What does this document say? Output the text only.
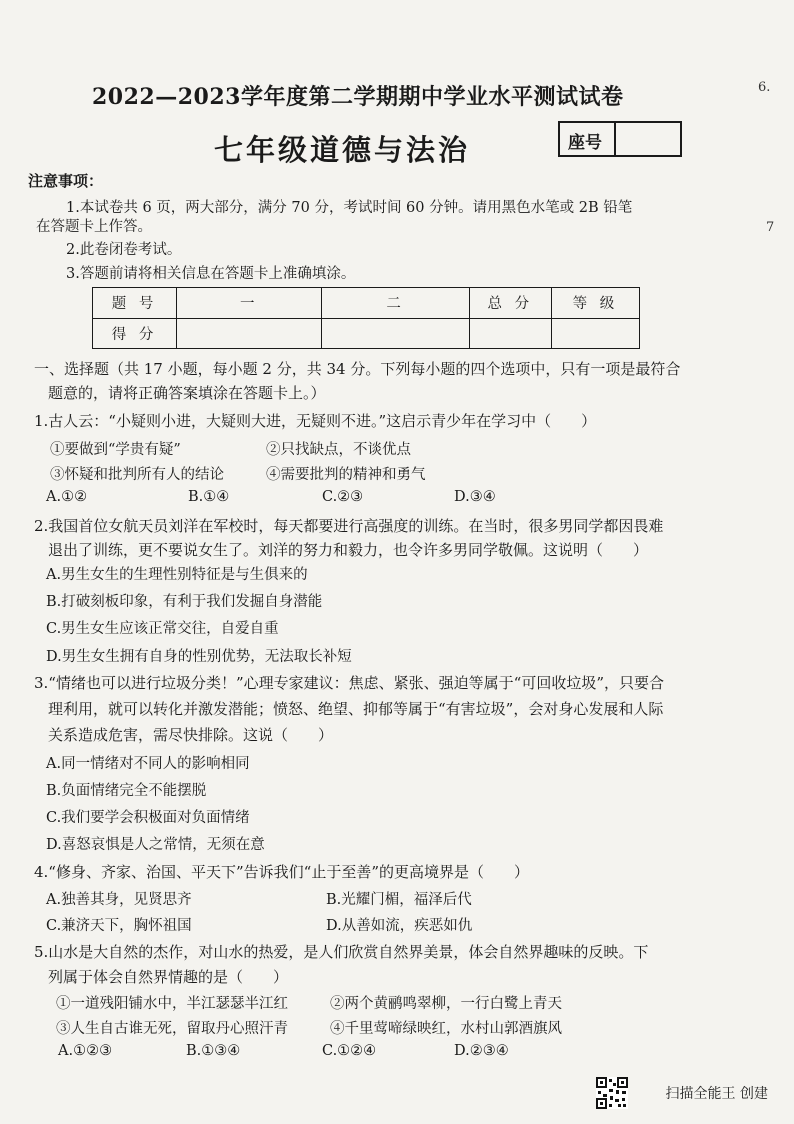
2022—2023学年度第二学期期中学业水平测试试卷
七年级道德与法治	座号
6.
7
注意事项：
1.本试卷共 6 页，两大部分，满分 70 分，考试时间 60 分钟。请用黑色水笔或 2B 铅笔
在答题卡上作答。
2.此卷闭卷考试。
3.答题前请将相关信息在答题卡上准确填涂。
题 号	一	二	总 分	等 级
得 分				
一、选择题（共 17 小题，每小题 2 分，共 34 分。下列每小题的四个选项中，只有一项是最符合
题意的，请将正确答案填涂在答题卡上。）
1.古人云：“小疑则小进，大疑则大进，无疑则不进。”这启示青少年在学习中（　　）
①要做到“学贵有疑”	②只找缺点，不谈优点
③怀疑和批判所有人的结论	④需要批判的精神和勇气
A.①②	B.①④	C.②③	D.③④
2.我国首位女航天员刘洋在军校时，每天都要进行高强度的训练。在当时，很多男同学都因畏难
退出了训练，更不要说女生了。刘洋的努力和毅力，也令许多男同学敬佩。这说明（　　）
A.男生女生的生理性别特征是与生俱来的
B.打破刻板印象，有利于我们发掘自身潜能
C.男生女生应该正常交往，自爱自重
D.男生女生拥有自身的性别优势，无法取长补短
3.“情绪也可以进行垃圾分类！”心理专家建议：焦虑、紧张、强迫等属于“可回收垃圾”，只要合
理利用，就可以转化并激发潜能；愤怒、绝望、抑郁等属于“有害垃圾”，会对身心发展和人际
关系造成危害，需尽快排除。这说（　　）
A.同一情绪对不同人的影响相同
B.负面情绪完全不能摆脱
C.我们要学会积极面对负面情绪
D.喜怒哀惧是人之常情，无须在意
4.“修身、齐家、治国、平天下”告诉我们“止于至善”的更高境界是（　　）
A.独善其身，见贤思齐	B.光耀门楣，福泽后代
C.兼济天下，胸怀祖国	D.从善如流，疾恶如仇
5.山水是大自然的杰作，对山水的热爱，是人们欣赏自然界美景，体会自然界趣味的反映。下
列属于体会自然界情趣的是（　　）
①一道残阳铺水中，半江瑟瑟半江红	②两个黄鹂鸣翠柳，一行白鹭上青天
③人生自古谁无死，留取丹心照汗青	④千里莺啼绿映红，水村山郭酒旗风
A.①②③	B.①③④	C.①②④	D.②③④
扫描全能王 创建
